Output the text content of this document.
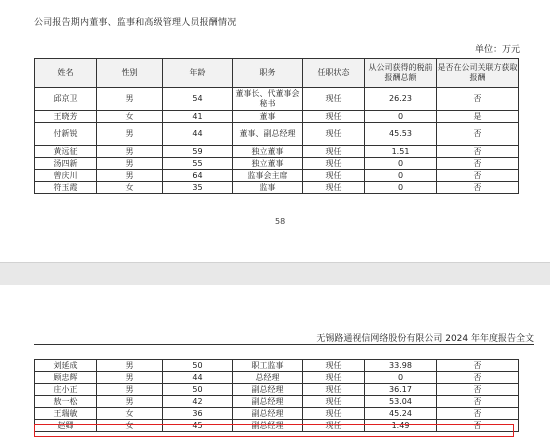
公司报告期内董事、监事和高级管理人员报酬情况
单位：万元
姓名	性别	年龄	职务	任职状态	从公司获得的税前报酬总额	是否在公司关联方获取报酬
邱京卫	男	54	董事长、代董事会秘书	现任	26.23	否
王晓芳	女	41	董事	现任	0	是
付新锐	男	44	董事、副总经理	现任	45.53	否
黄远征	男	59	独立董事	现任	1.51	否
汤四新	男	55	独立董事	现任	0	否
曾庆川	男	64	监事会主席	现任	0	否
符玉霞	女	35	监事	现任	0	否
58
无锡路通视信网络股份有限公司 2024 年年度报告全文
刘延成	男	50	职工监事	现任	33.98	否
顾忠辉	男	44	总经理	现任	0	否
庄小正	男	50	副总经理	现任	36.17	否
敖一松	男	42	副总经理	现任	53.04	否
王瑞敏	女	36	副总经理	现任	45.24	否
赵卿	女	45	副总经理	现任	1.49	否
